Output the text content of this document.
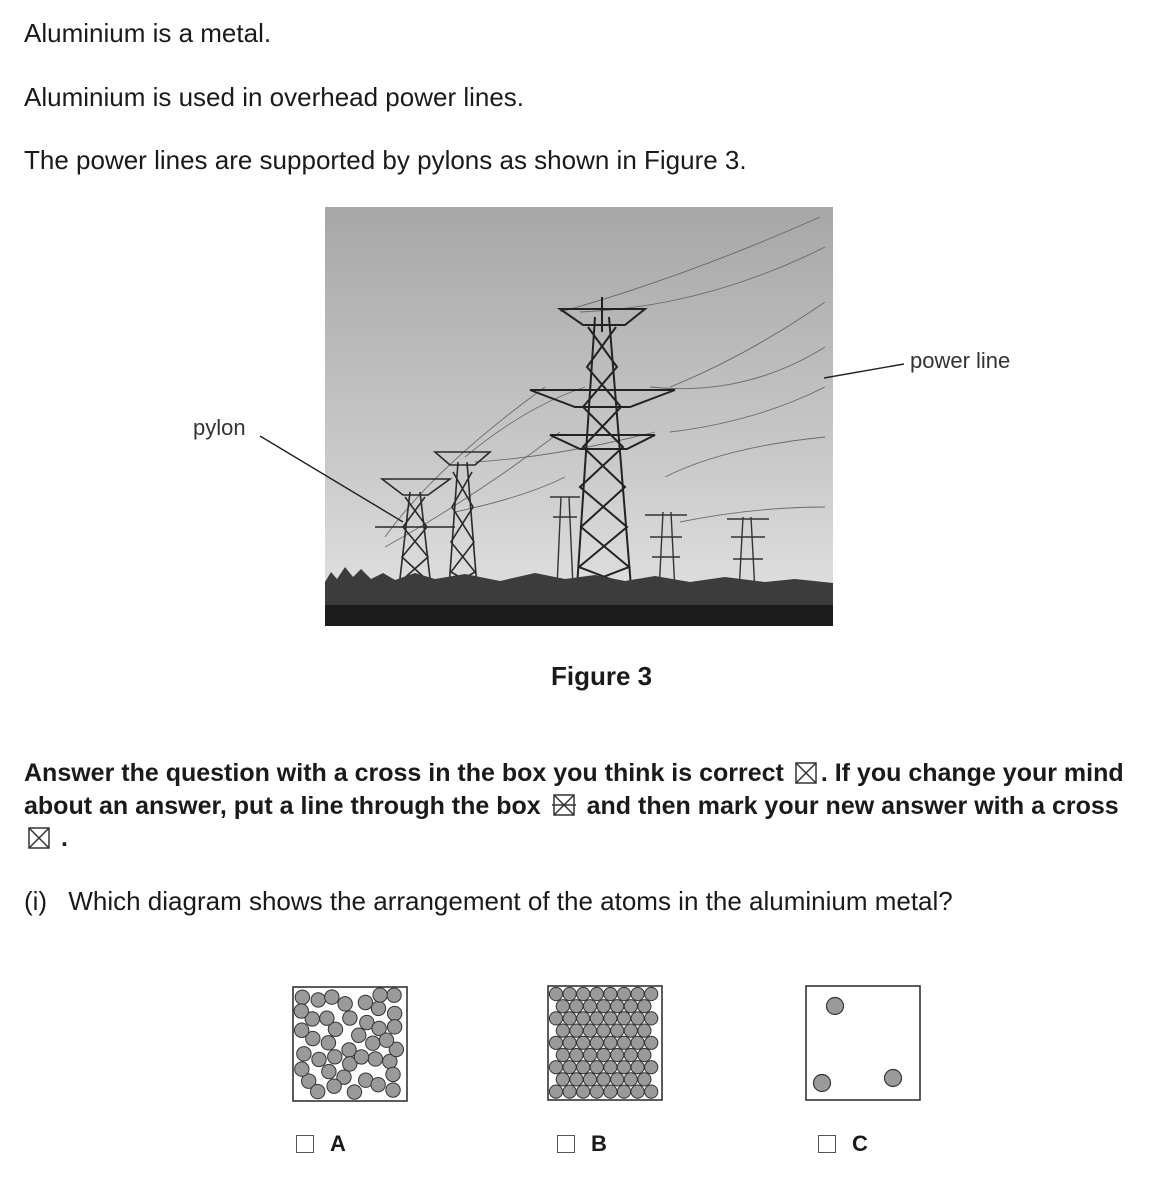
Aluminium is a metal.
Aluminium is used in overhead power lines.
The power lines are supported by pylons as shown in Figure 3.
pylon
power line
Figure 3
Answer the question with a cross in the box you think is correct ☒ . If you change your mind about an answer, put a line through the box and then mark your new answer with a cross  .
(i) Which diagram shows the arrangement of the atoms in the aluminium metal?
A	B	C
